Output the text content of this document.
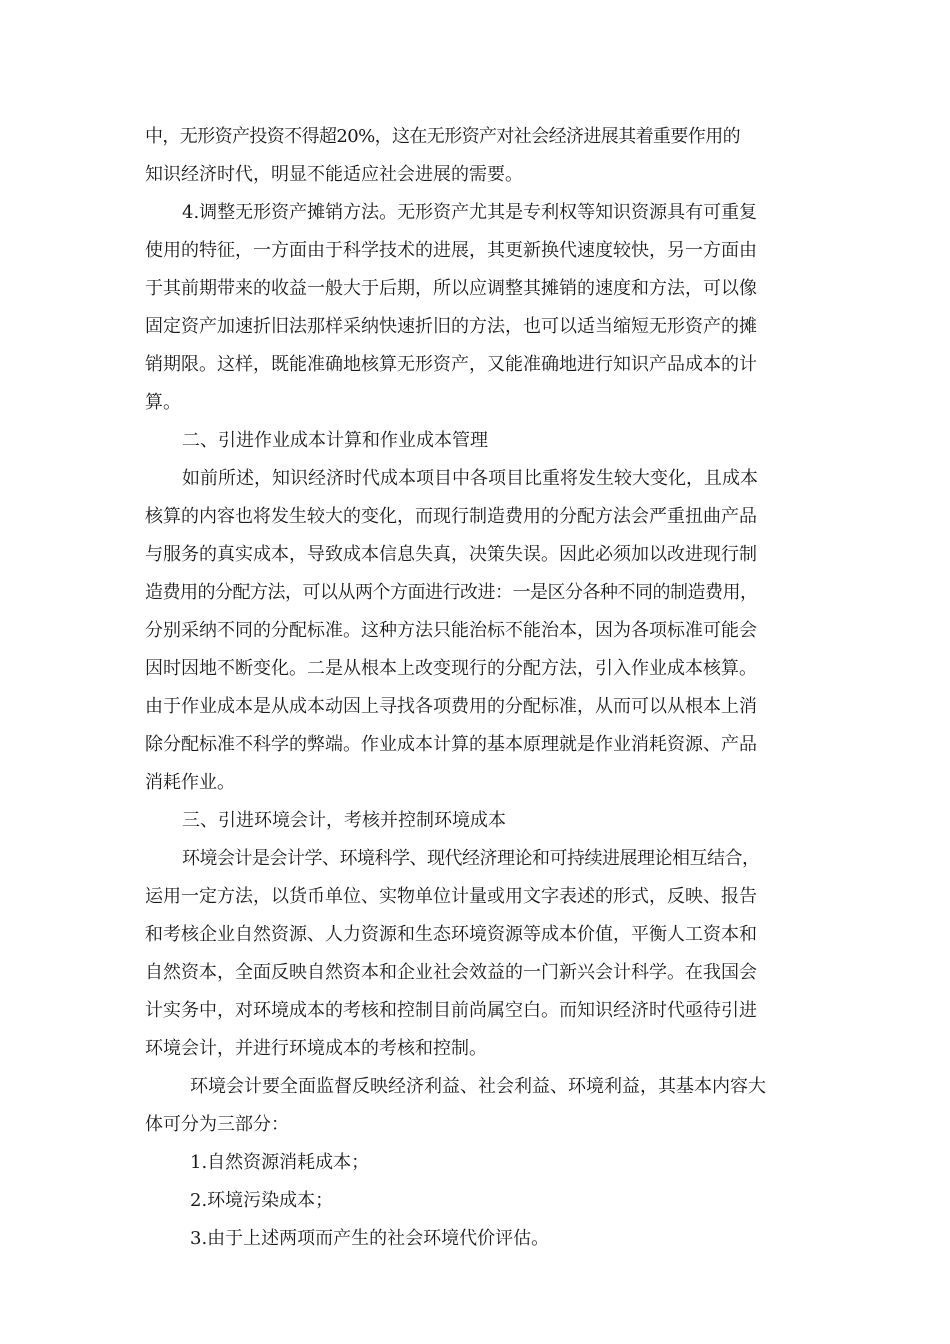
中，无形资产投资不得超20%，这在无形资产对社会经济进展其着重要作用的

知识经济时代，明显不能适应社会进展的需要。

4.调整无形资产摊销方法。无形资产尤其是专利权等知识资源具有可重复

使用的特征，一方面由于科学技术的进展，其更新换代速度较快，另一方面由

于其前期带来的收益一般大于后期，所以应调整其摊销的速度和方法，可以像

固定资产加速折旧法那样采纳快速折旧的方法，也可以适当缩短无形资产的摊

销期限。这样，既能准确地核算无形资产，又能准确地进行知识产品成本的计

算。

二、引进作业成本计算和作业成本管理

如前所述，知识经济时代成本项目中各项目比重将发生较大变化，且成本

核算的内容也将发生较大的变化，而现行制造费用的分配方法会严重扭曲产品

与服务的真实成本，导致成本信息失真，决策失误。因此必须加以改进现行制

造费用的分配方法，可以从两个方面进行改进：一是区分各种不同的制造费用，

分别采纳不同的分配标准。这种方法只能治标不能治本，因为各项标准可能会

因时因地不断变化。二是从根本上改变现行的分配方法，引入作业成本核算。

由于作业成本是从成本动因上寻找各项费用的分配标准，从而可以从根本上消

除分配标准不科学的弊端。作业成本计算的基本原理就是作业消耗资源、产品

消耗作业。

三、引进环境会计，考核并控制环境成本

环境会计是会计学、环境科学、现代经济理论和可持续进展理论相互结合，

运用一定方法，以货币单位、实物单位计量或用文字表述的形式，反映、报告

和考核企业自然资源、人力资源和生态环境资源等成本价值，平衡人工资本和

自然资本，全面反映自然资本和企业社会效益的一门新兴会计科学。在我国会

计实务中，对环境成本的考核和控制目前尚属空白。而知识经济时代亟待引进

环境会计，并进行环境成本的考核和控制。

环境会计要全面监督反映经济利益、社会利益、环境利益，其基本内容大

体可分为三部分：

1.自然资源消耗成本；

2.环境污染成本；

3.由于上述两项而产生的社会环境代价评估。
